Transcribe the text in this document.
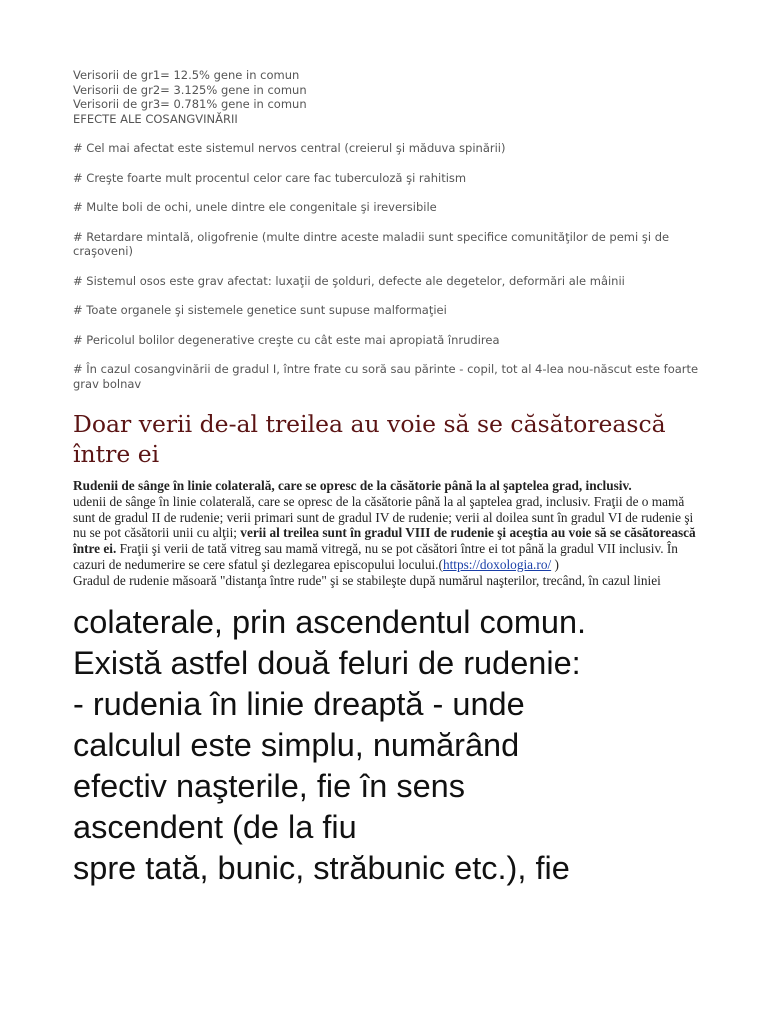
Verisorii de gr1= 12.5% gene in comun

Verisorii de gr2= 3.125% gene in comun

Verisorii de gr3= 0.781% gene in comun

EFECTE ALE COSANGVINĂRII

# Cel mai afectat este sistemul nervos central (creierul şi măduva spinării)

# Creşte foarte mult procentul celor care fac tuberculoză şi rahitism

# Multe boli de ochi, unele dintre ele congenitale şi ireversibile

# Retardare mintală, oligofrenie (multe dintre aceste maladii sunt specifice comunităţilor de pemi şi de craşoveni)

# Sistemul osos este grav afectat: luxaţii de şolduri, defecte ale degetelor, deformări ale mâinii

# Toate organele şi sistemele genetice sunt supuse malformaţiei

# Pericolul bolilor degenerative creşte cu cât este mai apropiată înrudirea

# În cazul cosangvinării de gradul I, între frate cu soră sau părinte - copil, tot al 4-lea nou-născut este foarte grav bolnav

Doar verii de-al treilea au voie să se căsătorească între ei

Rudenii de sânge în linie colaterală, care se opresc de la căsătorie până la al şaptelea grad, inclusiv.

udenii de sânge în linie colaterală, care se opresc de la căsătorie până la al şaptelea grad, inclusiv. Fraţii de o mamă sunt de gradul II de rudenie; verii primari sunt de gradul IV de rudenie; verii al doilea sunt în gradul VI de rudenie şi nu se pot căsătorii unii cu alţii; verii al treilea sunt în gradul VIII de rudenie şi aceştia au voie să se căsătorească între ei. Fraţii şi verii de tată vitreg sau mamă vitregă, nu se pot căsători între ei tot până la gradul VII inclusiv. În cazuri de nedumerire se cere sfatul şi dezlegarea episcopului locului.(https://doxologia.ro/ )

Gradul de rudenie măsoară "distanţa între rude" şi se stabileşte după numărul naşterilor, trecând, în cazul liniei

colaterale, prin ascendentul comun.

Există astfel două feluri de rudenie:

- rudenia în linie dreaptă - unde

calculul este simplu, numărând

efectiv naşterile, fie în sens

ascendent (de la fiu

spre tată, bunic, străbunic etc.), fie
